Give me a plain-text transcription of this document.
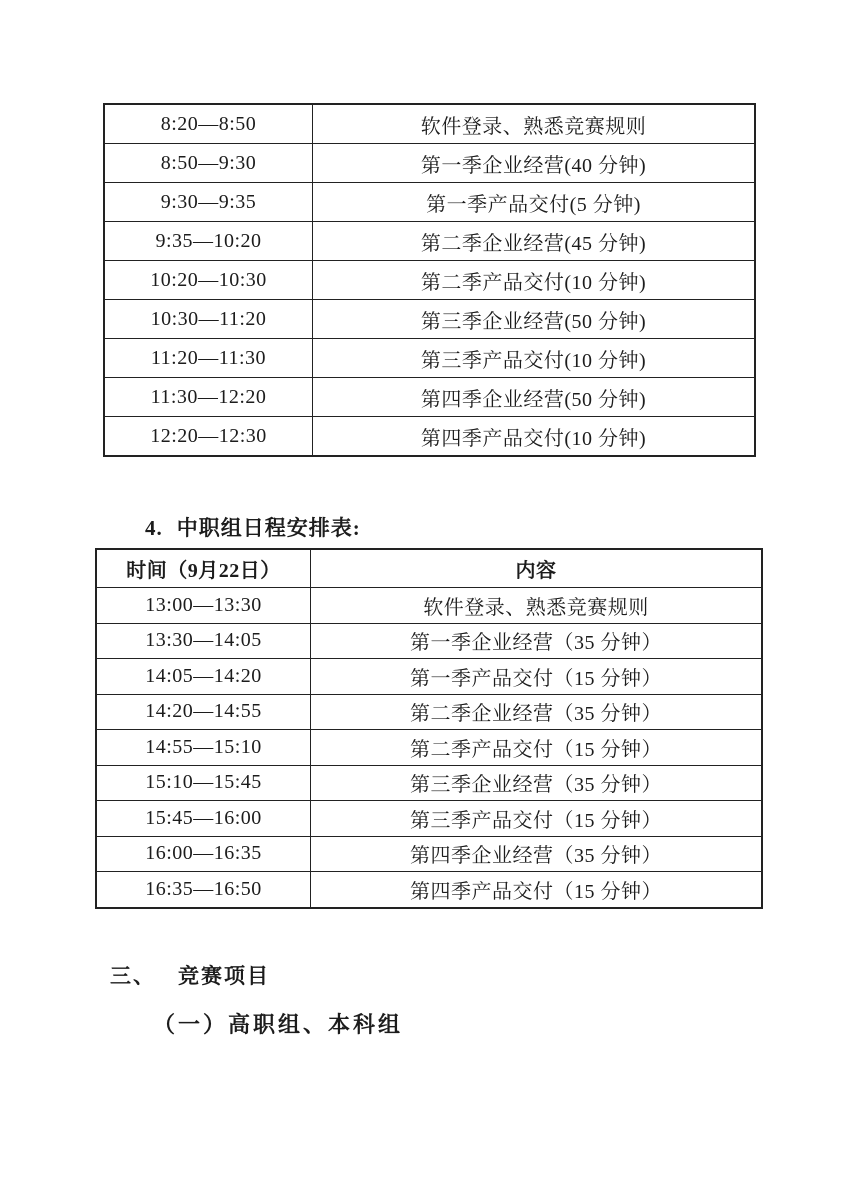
8:20—8:50	软件登录、熟悉竞赛规则
8:50—9:30	第一季企业经营(40 分钟)
9:30—9:35	第一季产品交付(5 分钟)
9:35—10:20	第二季企业经营(45 分钟)
10:20—10:30	第二季产品交付(10 分钟)
10:30—11:20	第三季企业经营(50 分钟)
11:20—11:30	第三季产品交付(10 分钟)
11:30—12:20	第四季企业经营(50 分钟)
12:20—12:30	第四季产品交付(10 分钟)
4. 中职组日程安排表:
时间（9月22日）	内容
13:00—13:30	软件登录、熟悉竞赛规则
13:30—14:05	第一季企业经营（35 分钟）
14:05—14:20	第一季产品交付（15 分钟）
14:20—14:55	第二季企业经营（35 分钟）
14:55—15:10	第二季产品交付（15 分钟）
15:10—15:45	第三季企业经营（35 分钟）
15:45—16:00	第三季产品交付（15 分钟）
16:00—16:35	第四季企业经营（35 分钟）
16:35—16:50	第四季产品交付（15 分钟）
三、 竞赛项目
（一）高职组、本科组
